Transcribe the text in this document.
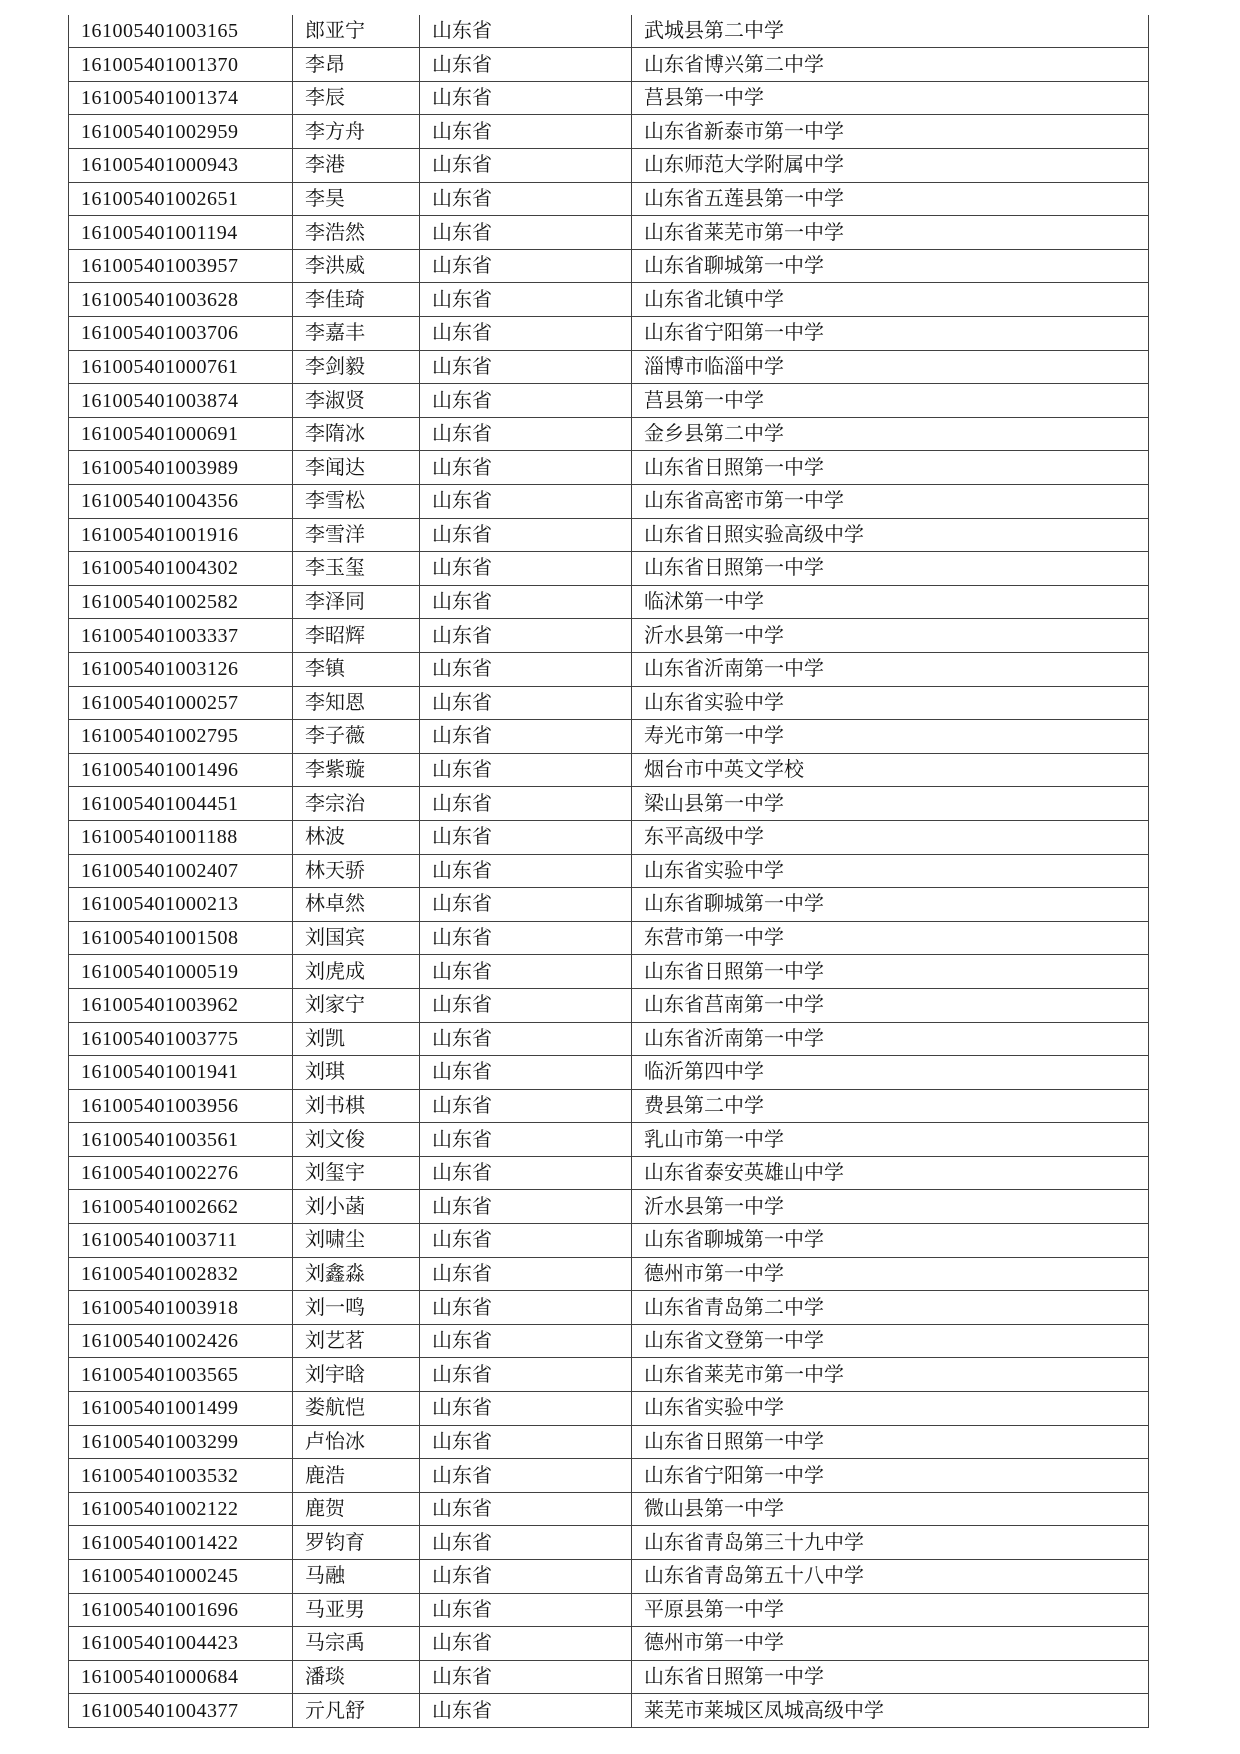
161005401003165	郎亚宁	山东省	武城县第二中学
161005401001370	李昂	山东省	山东省博兴第二中学
161005401001374	李辰	山东省	莒县第一中学
161005401002959	李方舟	山东省	山东省新泰市第一中学
161005401000943	李港	山东省	山东师范大学附属中学
161005401002651	李昊	山东省	山东省五莲县第一中学
161005401001194	李浩然	山东省	山东省莱芜市第一中学
161005401003957	李洪威	山东省	山东省聊城第一中学
161005401003628	李佳琦	山东省	山东省北镇中学
161005401003706	李嘉丰	山东省	山东省宁阳第一中学
161005401000761	李剑毅	山东省	淄博市临淄中学
161005401003874	李淑贤	山东省	莒县第一中学
161005401000691	李隋冰	山东省	金乡县第二中学
161005401003989	李闻达	山东省	山东省日照第一中学
161005401004356	李雪松	山东省	山东省高密市第一中学
161005401001916	李雪洋	山东省	山东省日照实验高级中学
161005401004302	李玉玺	山东省	山东省日照第一中学
161005401002582	李泽同	山东省	临沭第一中学
161005401003337	李昭辉	山东省	沂水县第一中学
161005401003126	李镇	山东省	山东省沂南第一中学
161005401000257	李知恩	山东省	山东省实验中学
161005401002795	李子薇	山东省	寿光市第一中学
161005401001496	李紫璇	山东省	烟台市中英文学校
161005401004451	李宗治	山东省	梁山县第一中学
161005401001188	林波	山东省	东平高级中学
161005401002407	林天骄	山东省	山东省实验中学
161005401000213	林卓然	山东省	山东省聊城第一中学
161005401001508	刘国宾	山东省	东营市第一中学
161005401000519	刘虎成	山东省	山东省日照第一中学
161005401003962	刘家宁	山东省	山东省莒南第一中学
161005401003775	刘凯	山东省	山东省沂南第一中学
161005401001941	刘琪	山东省	临沂第四中学
161005401003956	刘书棋	山东省	费县第二中学
161005401003561	刘文俊	山东省	乳山市第一中学
161005401002276	刘玺宇	山东省	山东省泰安英雄山中学
161005401002662	刘小菡	山东省	沂水县第一中学
161005401003711	刘啸尘	山东省	山东省聊城第一中学
161005401002832	刘鑫淼	山东省	德州市第一中学
161005401003918	刘一鸣	山东省	山东省青岛第二中学
161005401002426	刘艺茗	山东省	山东省文登第一中学
161005401003565	刘宇晗	山东省	山东省莱芜市第一中学
161005401001499	娄航恺	山东省	山东省实验中学
161005401003299	卢怡冰	山东省	山东省日照第一中学
161005401003532	鹿浩	山东省	山东省宁阳第一中学
161005401002122	鹿贺	山东省	微山县第一中学
161005401001422	罗钧育	山东省	山东省青岛第三十九中学
161005401000245	马融	山东省	山东省青岛第五十八中学
161005401001696	马亚男	山东省	平原县第一中学
161005401004423	马宗禹	山东省	德州市第一中学
161005401000684	潘琰	山东省	山东省日照第一中学
161005401004377	亓凡舒	山东省	莱芜市莱城区凤城高级中学
